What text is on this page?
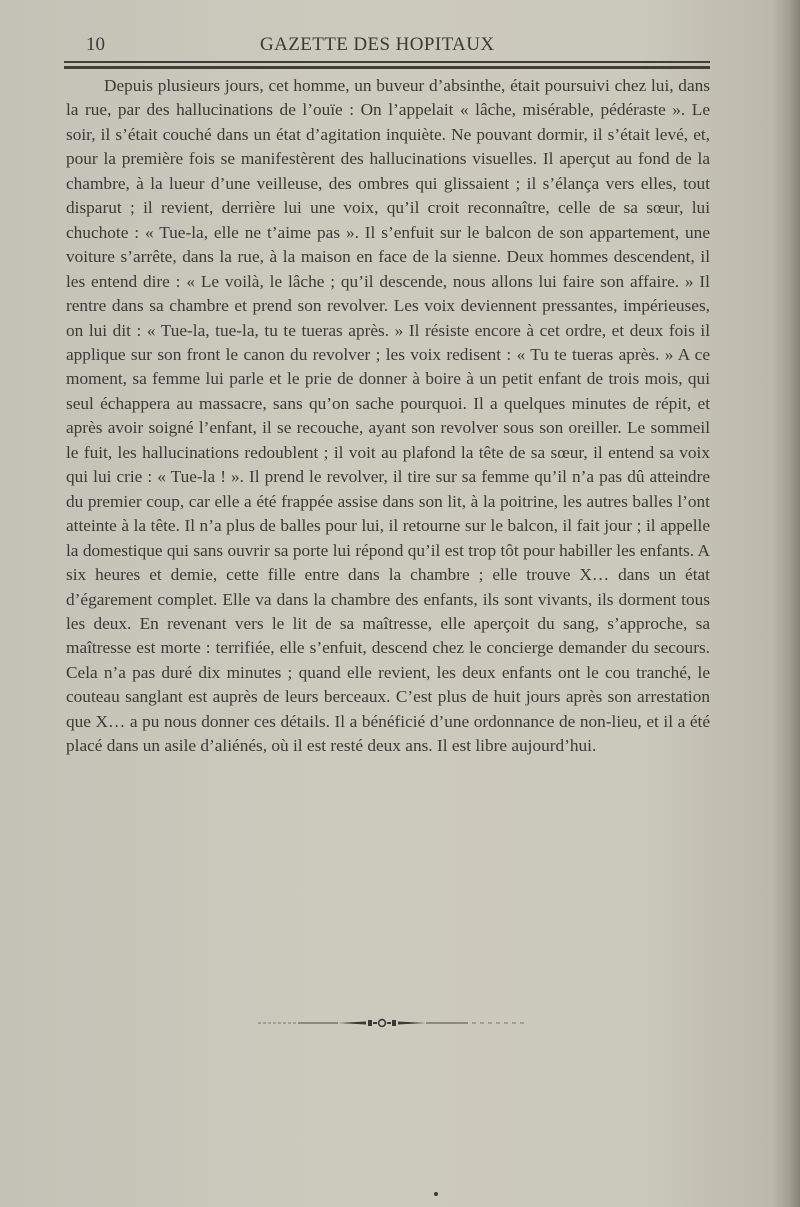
10	GAZETTE DES HOPITAUX

Depuis plusieurs jours, cet homme, un buveur d’absinthe, était poursuivi chez lui, dans la rue, par des hallucinations de l’ouïe : On l’appelait « lâche, misérable, pédéraste ». Le soir, il s’était couché dans un état d’agitation inquiète. Ne pouvant dormir, il s’était levé, et, pour la première fois se manifestèrent des hallucinations visuelles. Il aperçut au fond de la chambre, à la lueur d’une veilleuse, des ombres qui glissaient ; il s’élança vers elles, tout disparut ; il revient, derrière lui une voix, qu’il croit reconnaître, celle de sa sœur, lui chuchote : « Tue-la, elle ne t’aime pas ». Il s’enfuit sur le balcon de son appartement, une voiture s’arrête, dans la rue, à la maison en face de la sienne. Deux hommes descendent, il les entend dire : « Le voilà, le lâche ; qu’il descende, nous allons lui faire son affaire. » Il rentre dans sa chambre et prend son revolver. Les voix deviennent pressantes, impérieuses, on lui dit : « Tue-la, tue-la, tu te tueras après. » Il résiste encore à cet ordre, et deux fois il applique sur son front le canon du revolver ; les voix redisent : « Tu te tueras après. » A ce moment, sa femme lui parle et le prie de donner à boire à un petit enfant de trois mois, qui seul échappera au massacre, sans qu’on sache pourquoi. Il a quelques minutes de répit, et après avoir soigné l’enfant, il se recouche, ayant son revolver sous son oreiller. Le sommeil le fuit, les hallucinations redoublent ; il voit au plafond la tête de sa sœur, il entend sa voix qui lui crie : « Tue-la ! ». Il prend le revolver, il tire sur sa femme qu’il n’a pas dû atteindre du premier coup, car elle a été frappée assise dans son lit, à la poitrine, les autres balles l’ont atteinte à la tête. Il n’a plus de balles pour lui, il retourne sur le balcon, il fait jour ; il appelle la domestique qui sans ouvrir sa porte lui répond qu’il est trop tôt pour habiller les enfants. A six heures et demie, cette fille entre dans la chambre ; elle trouve X… dans un état d’égarement complet. Elle va dans la chambre des enfants, ils sont vivants, ils dorment tous les deux. En revenant vers le lit de sa maîtresse, elle aperçoit du sang, s’approche, sa maîtresse est morte : terrifiée, elle s’enfuit, descend chez le concierge demander du secours. Cela n’a pas duré dix minutes ; quand elle revient, les deux enfants ont le cou tranché, le couteau sanglant est auprès de leurs berceaux. C’est plus de huit jours après son arrestation que X… a pu nous donner ces détails. Il a bénéficié d’une ordonnance de non-lieu, et il a été placé dans un asile d’aliénés, où il est resté deux ans. Il est libre aujourd’hui.
